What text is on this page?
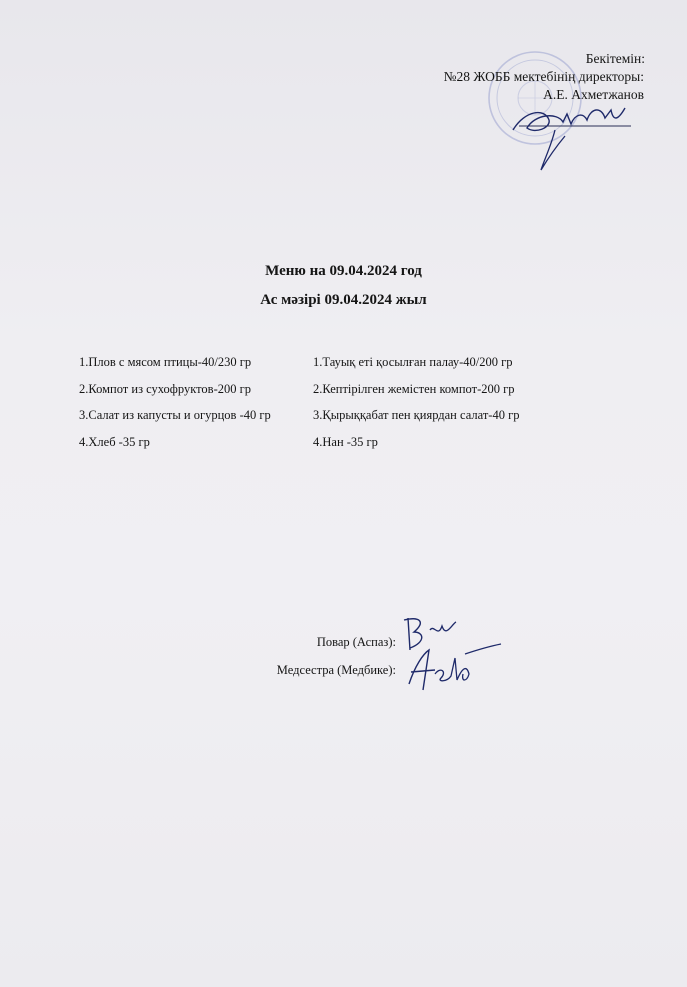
Бекітемін:
№28 ЖОББ мектебінің директоры:
А.Е. Ахметжанов
Меню на 09.04.2024 год
Ас мәзірі 09.04.2024 жыл
1.Плов с мясом птицы-40/230 гр
2.Компот из сухофруктов-200 гр
3.Салат из капусты и огурцов -40 гр
4.Хлеб -35 гр
1.Тауық еті қосылған палау-40/200 гр
2.Кептірілген жемістен компот-200 гр
3.Қырыққабат пен қиярдан салат-40 гр
4.Нан -35 гр
Повар (Аспаз):
Медсестра (Медбике):
